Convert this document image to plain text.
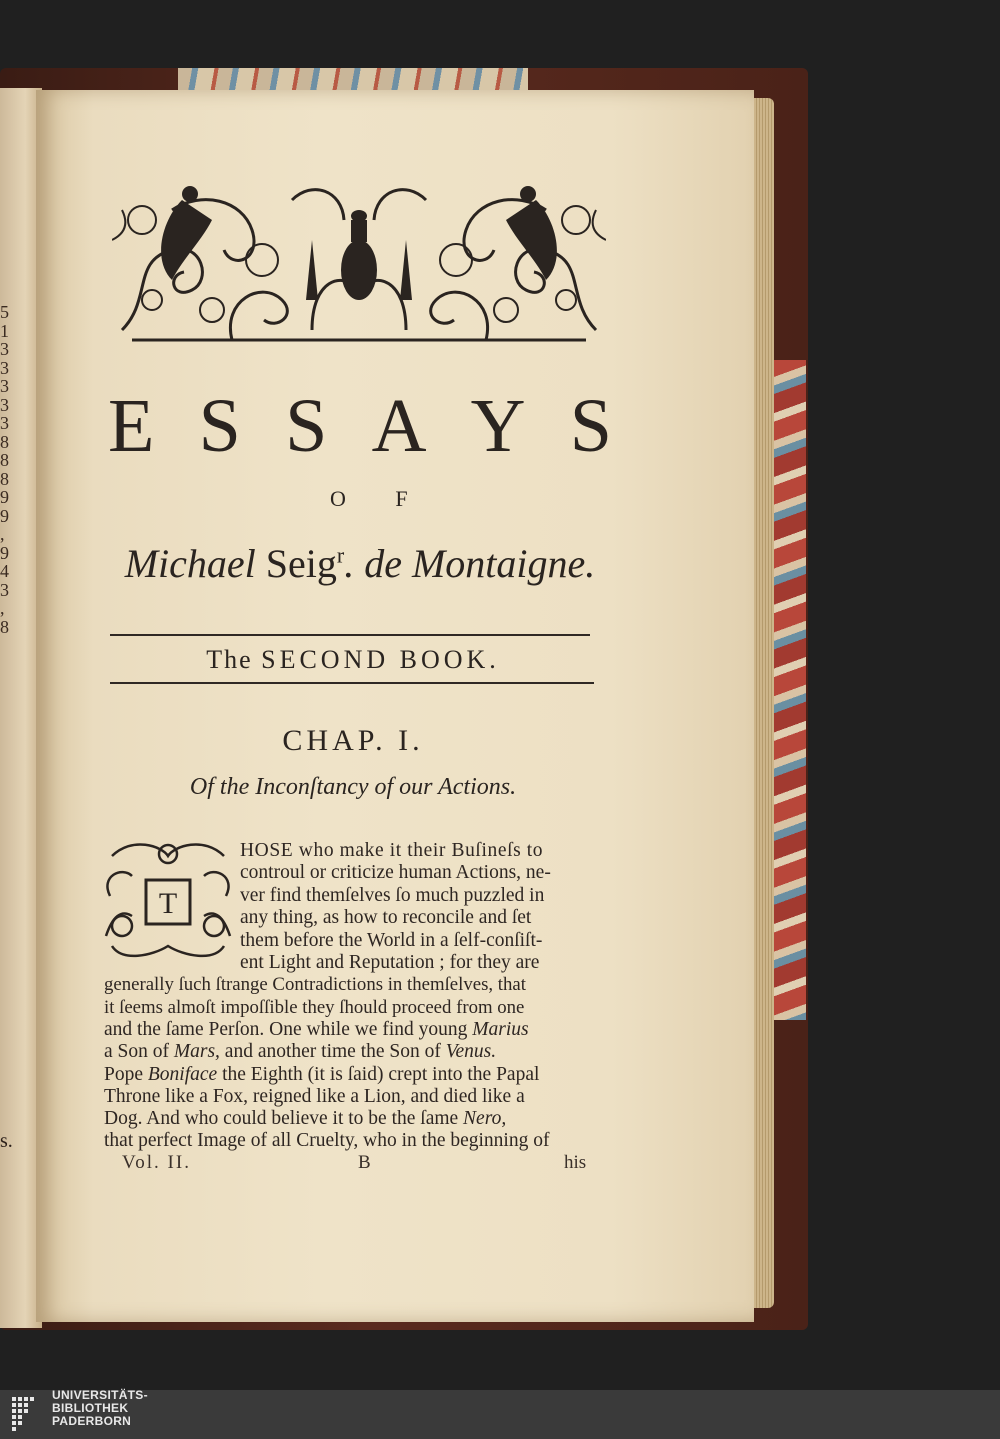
5
1
3
3
3
3
3
8
8
8
9
9
,
9
4
3
,
8
s.
E S S A Y S
O F
Michael Seig$^r$. de Montaigne.
The SECOND BOOK.
CHAP. I.
Of the Inconſtancy of our Actions.
T
HOSE who make it their Buſineſs to
controul or criticize human Actions, ne-
ver find themſelves ſo much puzzled in
any thing, as how to reconcile and ſet
them before the World in a ſelf-conſiſt-
ent Light and Reputation ; for they are
generally ſuch ſtrange Contradictions in themſelves, that
it ſeems almoſt impoſſible they ſhould proceed from one
and the ſame Perſon. One while we find young Marius
a Son of Mars, and another time the Son of Venus.
Pope Boniface the Eighth (it is ſaid) crept into the Papal
Throne like a Fox, reigned like a Lion, and died like a
Dog. And who could believe it to be the ſame Nero,
that perfect Image of all Cruelty, who in the beginning of
Vol. II.	B	his
UNIVERSITÄTS-
BIBLIOTHEK
PADERBORN
